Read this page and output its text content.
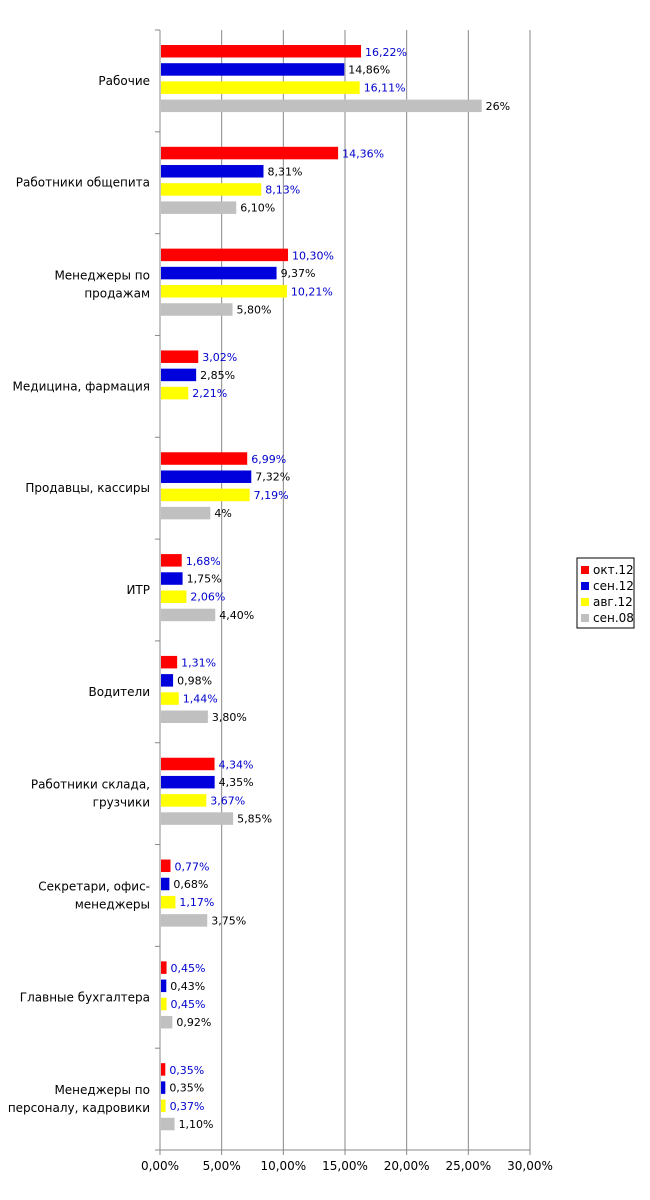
0,00% 5,00% 10,00% 15,00% 20,00% 25,00% 30,00%
Рабочие
Работники общепита
Менеджеры по продажам
Медицина, фармация
Продавцы, кассиры
ИТР
Водители
Работники склада, грузчики
Секретари, офис-менеджеры
Главные бухгалтера
Менеджеры по персоналу, кадровики
16,22%
14,36%
10,30%
3,02%
6,99%
1,68%
1,31%
4,34%
0,77%
0,45%
0,35%
14,86%
8,31%
9,37%
2,85%
7,32%
1,75%
0,98%
4,35%
0,68%
0,43%
0,35%
16,11%
8,13%
10,21%
2,21%
7,19%
2,06%
1,44%
3,67%
1,17%
0,45%
0,37%
26%
6,10%
5,80%
4%
4,40%
3,80%
5,85%
3,75%
0,92%
1,10%
окт.12
сен.12
авг.12
сен.08
